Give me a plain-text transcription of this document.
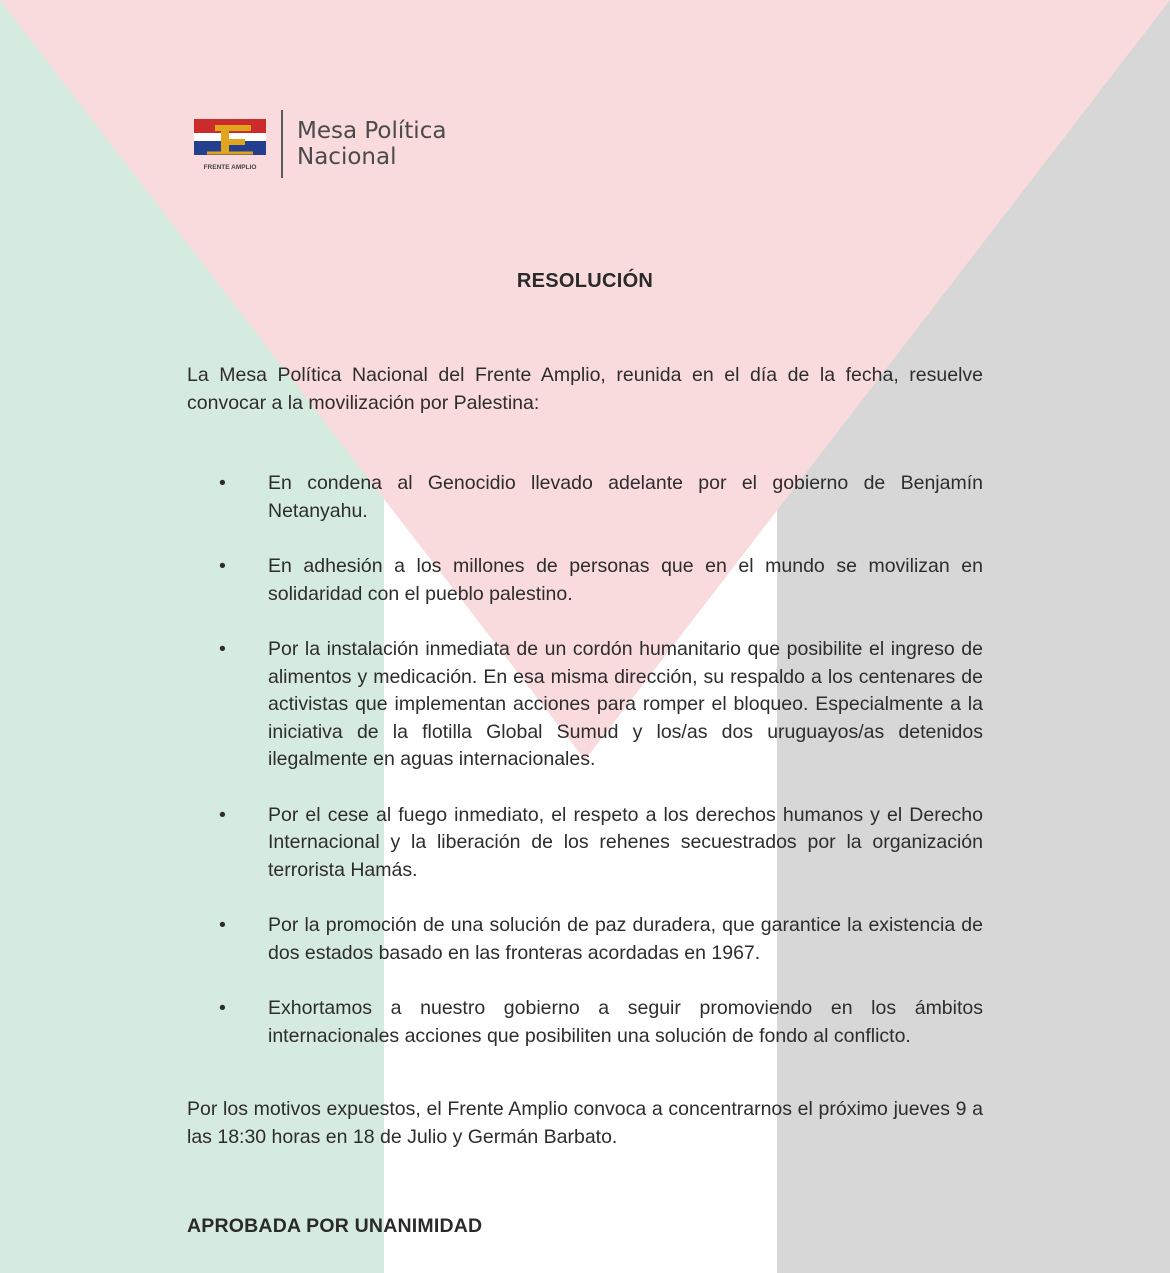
FRENTE AMPLIO
Mesa Política
Nacional
RESOLUCIÓN

La Mesa Política Nacional del Frente Amplio, reunida en el día de la fecha, resuelve convocar a la movilización por Palestina:

• En condena al Genocidio llevado adelante por el gobierno de Benjamín Netanyahu.
• En adhesión a los millones de personas que en el mundo se movilizan en solidaridad con el pueblo palestino.
• Por la instalación inmediata de un cordón humanitario que posibilite el ingreso de alimentos y medicación. En esa misma dirección, su respaldo a los centenares de activistas que implementan acciones para romper el bloqueo. Especialmente a la iniciativa de la flotilla Global Sumud y los/as dos uruguayos/as detenidos ilegalmente en aguas internacionales.
• Por el cese al fuego inmediato, el respeto a los derechos humanos y el Derecho Internacional y la liberación de los rehenes secuestrados por la organización terrorista Hamás.
• Por la promoción de una solución de paz duradera, que garantice la existencia de dos estados basado en las fronteras acordadas en 1967.
• Exhortamos a nuestro gobierno a seguir promoviendo en los ámbitos internacionales acciones que posibiliten una solución de fondo al conflicto.

Por los motivos expuestos, el Frente Amplio convoca a concentrarnos el próximo jueves 9 a las 18:30 horas en 18 de Julio y Germán Barbato.

APROBADA POR UNANIMIDAD
